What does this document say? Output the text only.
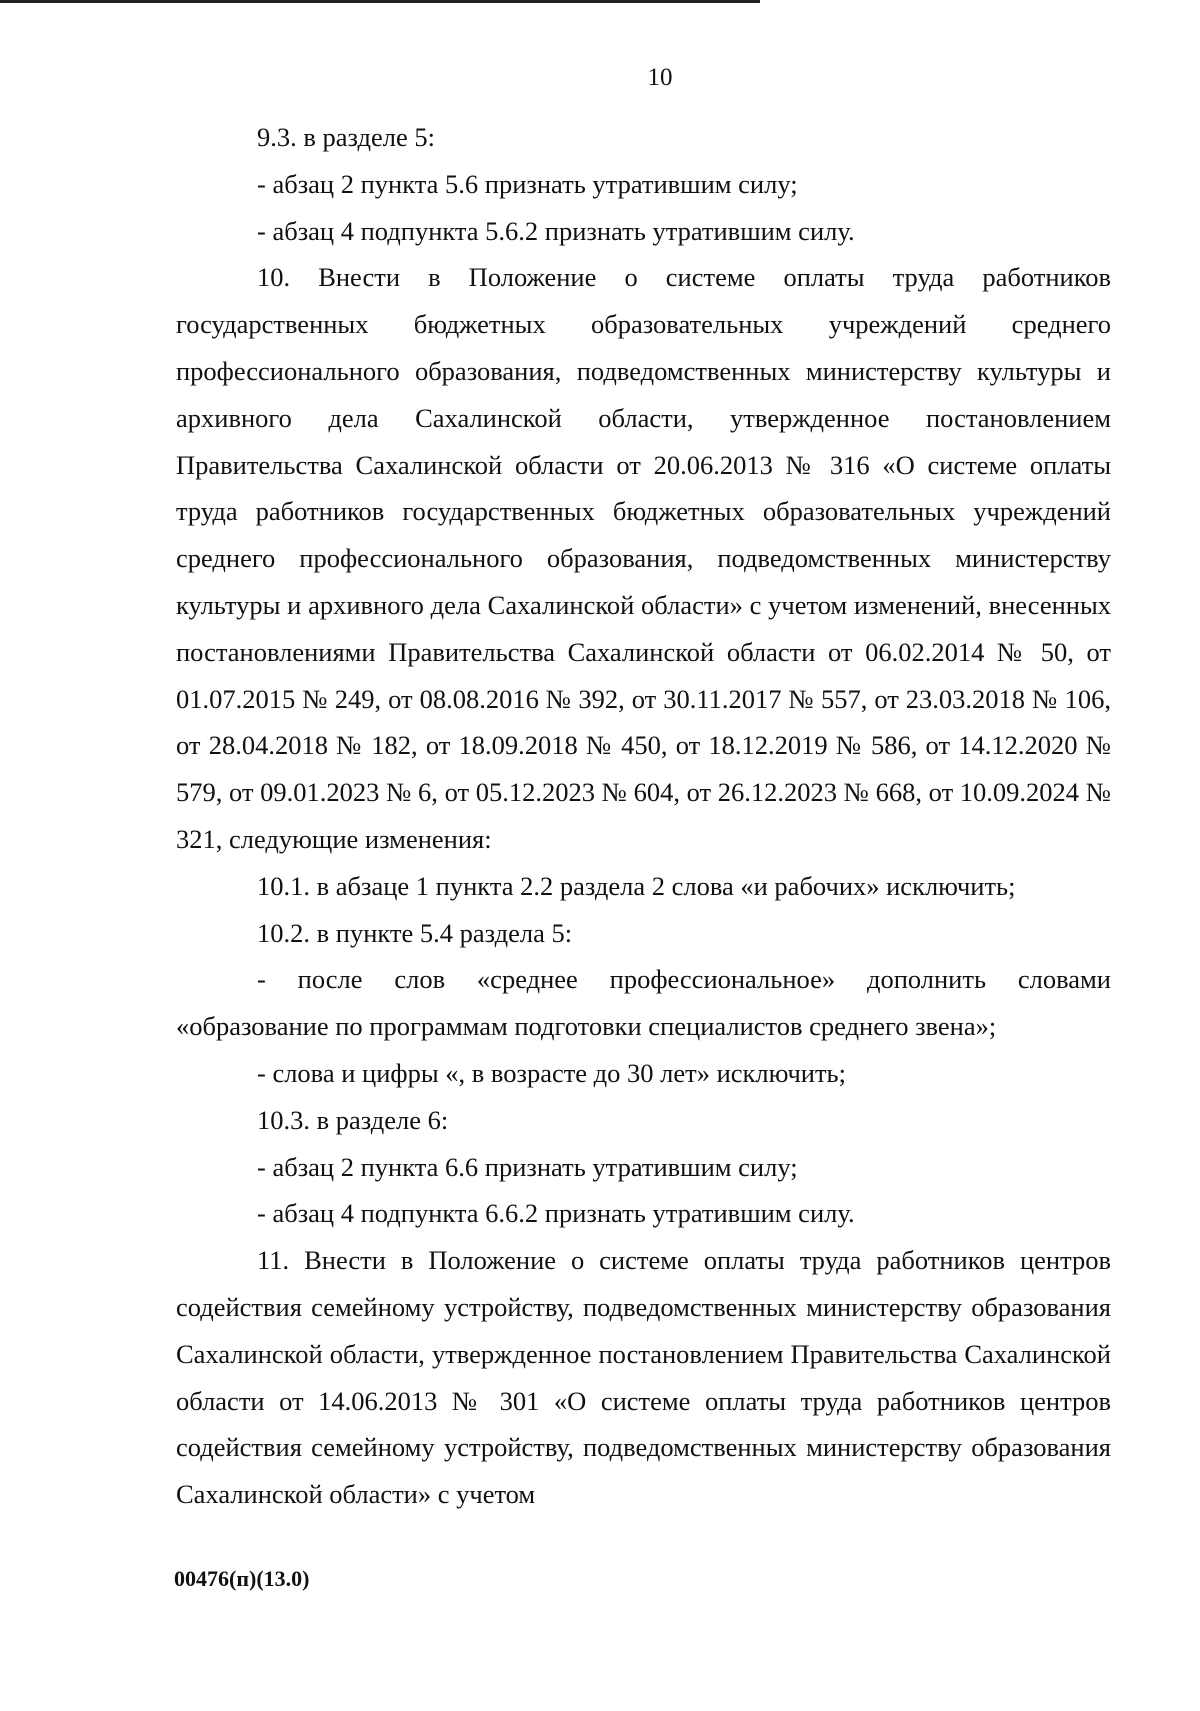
10

9.3. в разделе 5:

- абзац 2 пункта 5.6 признать утратившим силу;

- абзац 4 подпункта 5.6.2 признать утратившим силу.

10. Внести в Положение о системе оплаты труда работников государственных бюджетных образовательных учреждений среднего профессионального образования, подведомственных министерству культуры и архивного дела Сахалинской области, утвержденное постановлением Правительства Сахалинской области от 20.06.2013 № 316 «О системе оплаты труда работников государственных бюджетных образовательных учреждений среднего профессионального образования, подведомственных министерству культуры и архивного дела Сахалинской области» с учетом изменений, внесенных постановлениями Правительства Сахалинской области от 06.02.2014 № 50, от 01.07.2015 № 249, от 08.08.2016 № 392, от 30.11.2017 № 557, от 23.03.2018 № 106, от 28.04.2018 № 182, от 18.09.2018 № 450, от 18.12.2019 № 586, от 14.12.2020 № 579, от 09.01.2023 № 6, от 05.12.2023 № 604, от 26.12.2023 № 668, от 10.09.2024 № 321, следующие изменения:

10.1. в абзаце 1 пункта 2.2 раздела 2 слова «и рабочих» исключить;

10.2. в пункте 5.4 раздела 5:

- после слов «среднее профессиональное» дополнить словами «образование по программам подготовки специалистов среднего звена»;

- слова и цифры «, в возрасте до 30 лет» исключить;

10.3. в разделе 6:

- абзац 2 пункта 6.6 признать утратившим силу;

- абзац 4 подпункта 6.6.2 признать утратившим силу.

11. Внести в Положение о системе оплаты труда работников центров содействия семейному устройству, подведомственных министерству образования Сахалинской области, утвержденное постановлением Правительства Сахалинской области от 14.06.2013 № 301 «О системе оплаты труда работников центров содействия семейному устройству, подведомственных министерству образования Сахалинской области» с учетом

00476(п)(13.0)
